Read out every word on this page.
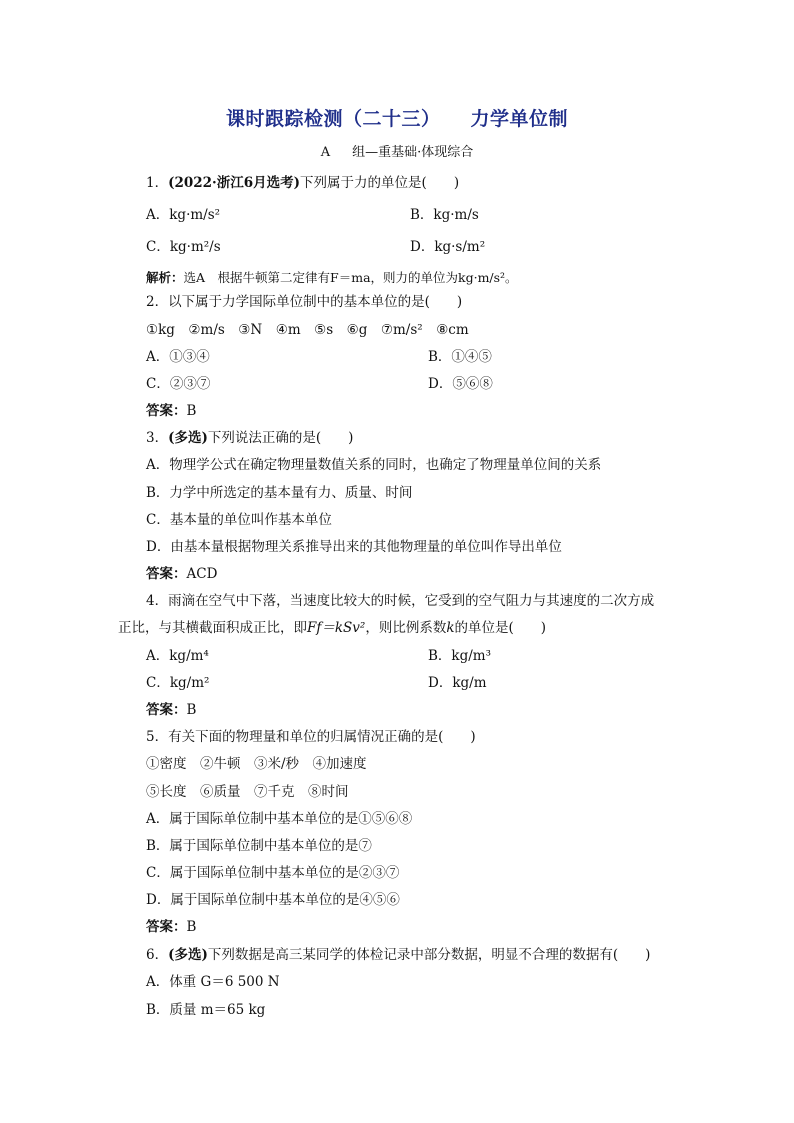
课时跟踪检测（二十三） 力学单位制
A 组—重基础·体现综合
1．(2022·浙江6月选考)下列属于力的单位是(　　)
A．kg·m/s²	B．kg·m/s
C．kg·m²/s	D．kg·s/m²
解析：选A　根据牛顿第二定律有F＝ma，则力的单位为kg·m/s²。
2．以下属于力学国际单位制中的基本单位的是(　　)
①kg　②m/s　③N　④m　⑤s　⑥g　⑦m/s²　⑧cm
A．①③④	B．①④⑤
C．②③⑦	D．⑤⑥⑧
答案：B
3．(多选)下列说法正确的是(　　)
A．物理学公式在确定物理量数值关系的同时，也确定了物理量单位间的关系
B．力学中所选定的基本量有力、质量、时间
C．基本量的单位叫作基本单位
D．由基本量根据物理关系推导出来的其他物理量的单位叫作导出单位
答案：ACD
4．雨滴在空气中下落，当速度比较大的时候，它受到的空气阻力与其速度的二次方成
正比，与其横截面积成正比，即Ff＝kSv²，则比例系数k的单位是(　　)
A．kg/m⁴	B．kg/m³
C．kg/m²	D．kg/m
答案：B
5．有关下面的物理量和单位的归属情况正确的是(　　)
①密度　②牛顿　③米/秒　④加速度
⑤长度　⑥质量　⑦千克　⑧时间
A．属于国际单位制中基本单位的是①⑤⑥⑧
B．属于国际单位制中基本单位的是⑦
C．属于国际单位制中基本单位的是②③⑦
D．属于国际单位制中基本单位的是④⑤⑥
答案：B
6．(多选)下列数据是高三某同学的体检记录中部分数据，明显不合理的数据有(　　)
A．体重 G＝6 500 N
B．质量 m＝65 kg
